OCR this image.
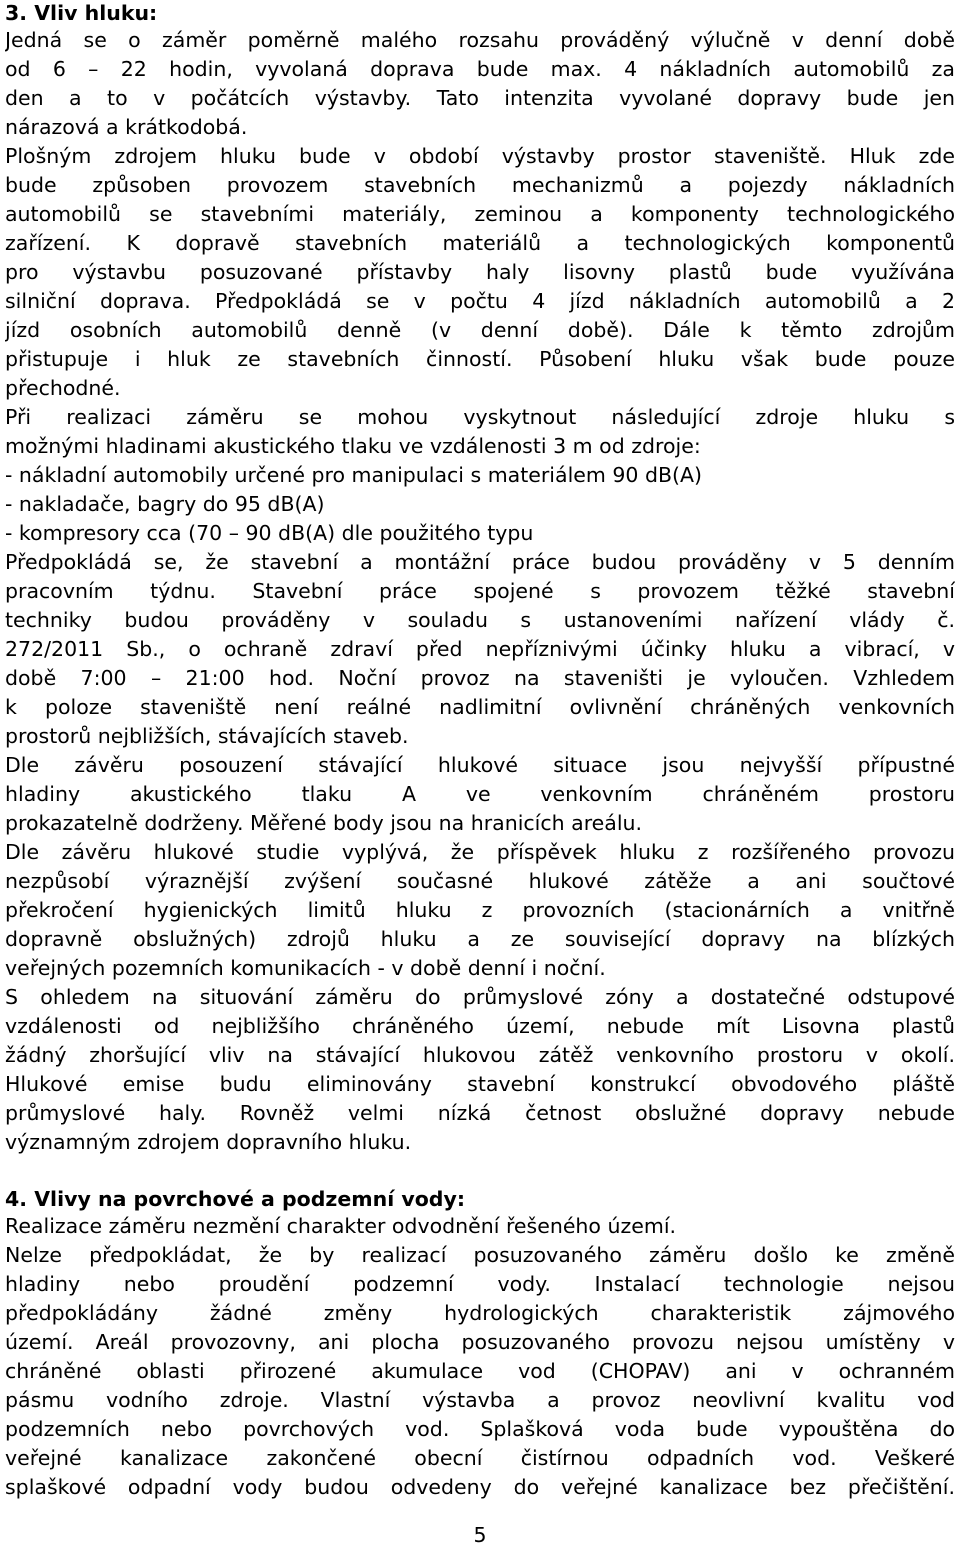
3. Vliv hluku:
Jedná se o záměr poměrně malého rozsahu prováděný výlučně v denní době
od 6 – 22 hodin, vyvolaná doprava bude max. 4 nákladních automobilů za
den a to v počátcích výstavby. Tato intenzita vyvolané dopravy bude jen
nárazová a krátkodobá.
Plošným zdrojem hluku bude v období výstavby prostor staveniště. Hluk zde
bude způsoben provozem stavebních mechanizmů a pojezdy nákladních
automobilů se stavebními materiály, zeminou a komponenty technologického
zařízení. K dopravě stavebních materiálů a technologických komponentů
pro výstavbu posuzované přístavby haly lisovny plastů bude využívána
silniční doprava. Předpokládá se v počtu 4 jízd nákladních automobilů a 2
jízd osobních automobilů denně (v denní době). Dále k těmto zdrojům
přistupuje i hluk ze stavebních činností. Působení hluku však bude pouze
přechodné.
Při realizaci záměru se mohou vyskytnout následující zdroje hluku s
možnými hladinami akustického tlaku ve vzdálenosti 3 m od zdroje:
- nákladní automobily určené pro manipulaci s materiálem 90 dB(A)
- nakladače, bagry do 95 dB(A)
- kompresory cca (70 – 90 dB(A) dle použitého typu
Předpokládá se, že stavební a montážní práce budou prováděny v 5 denním
pracovním týdnu. Stavební práce spojené s provozem těžké stavební
techniky budou prováděny v souladu s ustanoveními nařízení vlády č.
272/2011 Sb., o ochraně zdraví před nepříznivými účinky hluku a vibrací, v
době 7:00 – 21:00 hod. Noční provoz na staveništi je vyloučen. Vzhledem
k poloze staveniště není reálné nadlimitní ovlivnění chráněných venkovních
prostorů nejbližších, stávajících staveb.
Dle závěru posouzení stávající hlukové situace jsou nejvyšší přípustné
hladiny akustického tlaku A ve venkovním chráněném prostoru
prokazatelně dodrženy. Měřené body jsou na hranicích areálu.
Dle závěru hlukové studie vyplývá, že příspěvek hluku z rozšířeného provozu
nezpůsobí výraznější zvýšení současné hlukové zátěže a ani součtové
překročení hygienických limitů hluku z provozních (stacionárních a vnitřně
dopravně obslužných) zdrojů hluku a ze související dopravy na blízkých
veřejných pozemních komunikacích - v době denní i noční.
S ohledem na situování záměru do průmyslové zóny a dostatečné odstupové
vzdálenosti od nejbližšího chráněného území, nebude mít Lisovna plastů
žádný zhoršující vliv na stávající hlukovou zátěž venkovního prostoru v okolí.
Hlukové emise budu eliminovány stavební konstrukcí obvodového pláště
průmyslové haly. Rovněž velmi nízká četnost obslužné dopravy nebude
významným zdrojem dopravního hluku.
4. Vlivy na povrchové a podzemní vody:
Realizace záměru nezmění charakter odvodnění řešeného území.
Nelze předpokládat, že by realizací posuzovaného záměru došlo ke změně
hladiny nebo proudění podzemní vody. Instalací technologie nejsou
předpokládány žádné změny hydrologických charakteristik zájmového
území. Areál provozovny, ani plocha posuzovaného provozu nejsou umístěny v
chráněné oblasti přirozené akumulace vod (CHOPAV) ani v ochranném
pásmu vodního zdroje. Vlastní výstavba a provoz neovlivní kvalitu vod
podzemních nebo povrchových vod. Splašková voda bude vypouštěna do
veřejné kanalizace zakončené obecní čistírnou odpadních vod. Veškeré
splaškové odpadní vody budou odvedeny do veřejné kanalizace bez přečištění.
5
